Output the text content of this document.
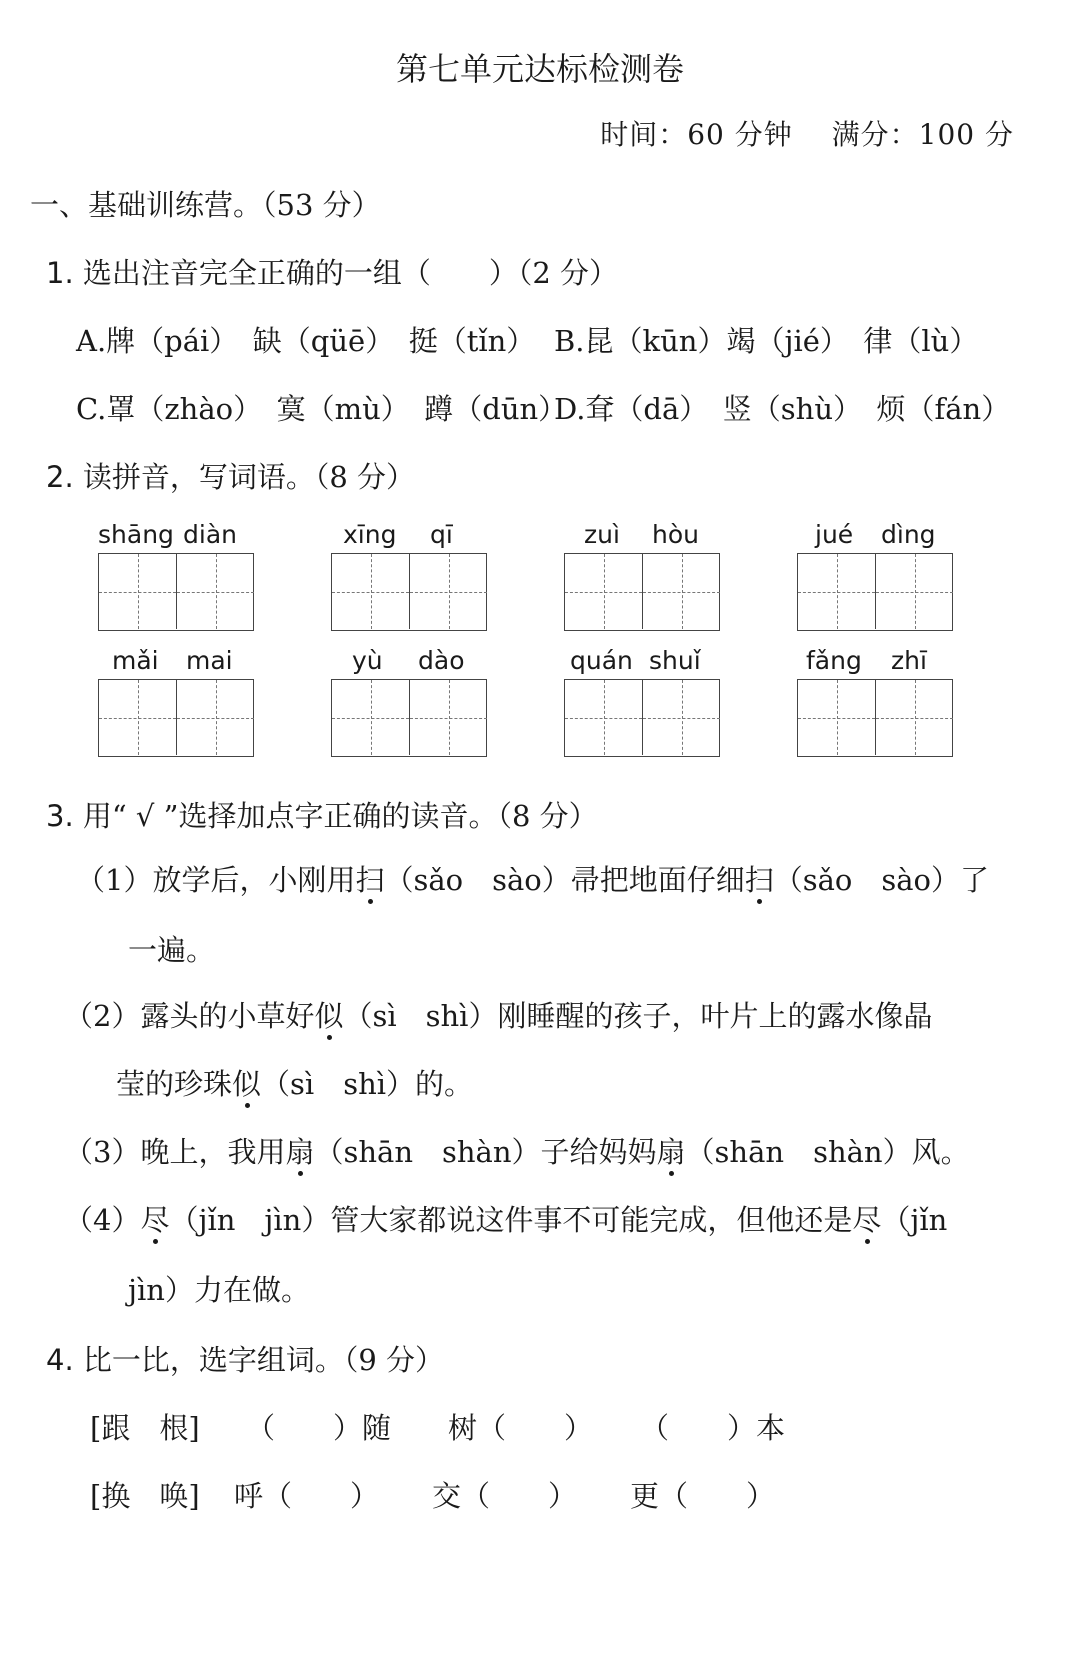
第七单元达标检测卷
时间：60 分钟　 满分：100 分
一、基础训练营。（53 分）
1. 选出注音完全正确的一组（　　）（2 分）
A.牌（pái）　缺（qüē）　挺（tǐn） B.昆（kūn）竭（jié）　律（lù）
C.罩（zhào）　寞（mù）　蹲（dūn）
D.耷（dā）　竖（shù）　烦（fán）
2. 读拼音，写词语。（8 分）
shāng diàn	xīng qī	zuì hòu	jué dìng
mǎi mai	yù dào	quán shuǐ	fǎng zhī
3. 用“ √ ”选择加点字正确的读音。（8 分）
（1）放学后，小刚用扫（sǎo　sào）帚把地面仔细扫（sǎo　sào）了
一遍。
（2）露头的小草好似（sì　shì）刚睡醒的孩子，叶片上的露水像晶
莹的珍珠似（sì　shì）的。
（3）晚上，我用扇（shān　shàn）子给妈妈扇（shān　shàn）风。
（4）尽（jǐn　jìn）管大家都说这件事不可能完成，但他还是尽（jǐn
jìn）力在做。
4. 比一比，选字组词。（9 分）
[跟　根] （　　）随 树（　　） （　　）本
[换　唤] 呼（　　） 交（　　） 更（　　）
